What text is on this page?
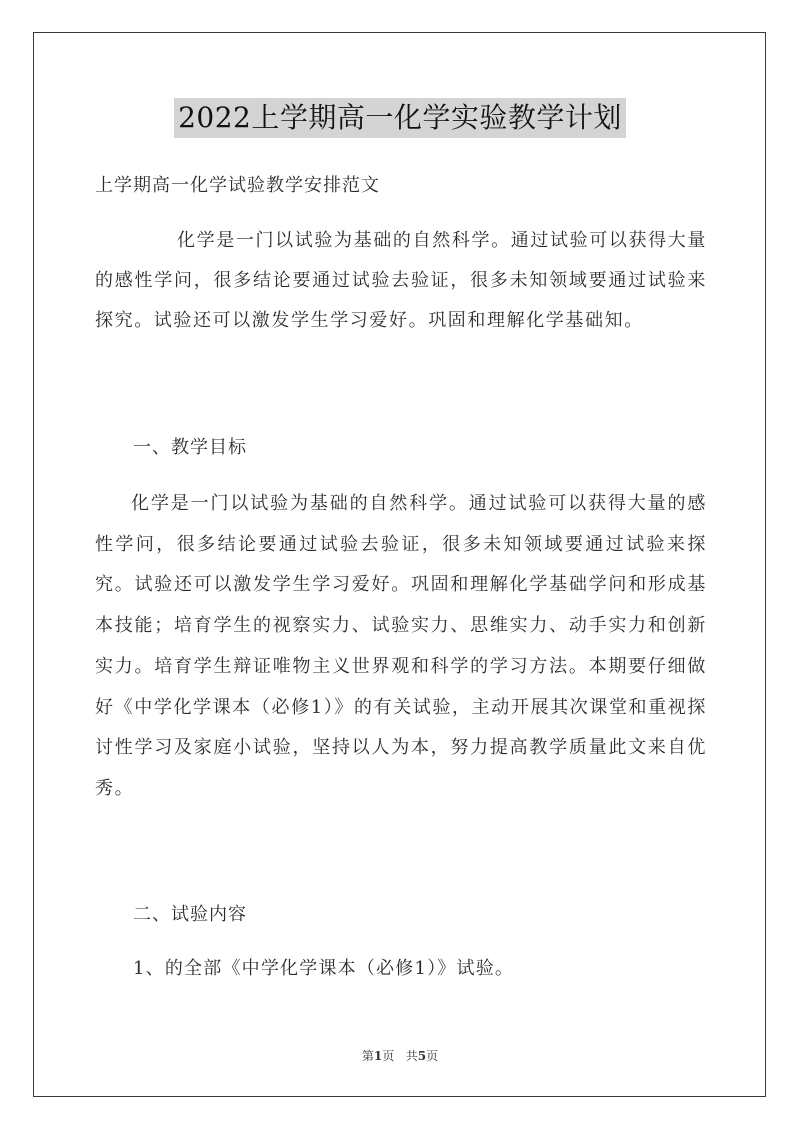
2022上学期高一化学实验教学计划
上学期高一化学试验教学安排范文

化学是一门以试验为基础的自然科学。通过试验可以获得大量的感性学问，很多结论要通过试验去验证，很多未知领域要通过试验来探究。试验还可以激发学生学习爱好。巩固和理解化学基础知。

一、教学目标

化学是一门以试验为基础的自然科学。通过试验可以获得大量的感性学问，很多结论要通过试验去验证，很多未知领域要通过试验来探究。试验还可以激发学生学习爱好。巩固和理解化学基础学问和形成基本技能；培育学生的视察实力、试验实力、思维实力、动手实力和创新实力。培育学生辩证唯物主义世界观和科学的学习方法。本期要仔细做好《中学化学课本（必修1）》的有关试验，主动开展其次课堂和重视探讨性学习及家庭小试验，坚持以人为本，努力提高教学质量此文来自优秀。

二、试验内容
1、的全部《中学化学课本（必修1）》试验。
第1页 共5页
